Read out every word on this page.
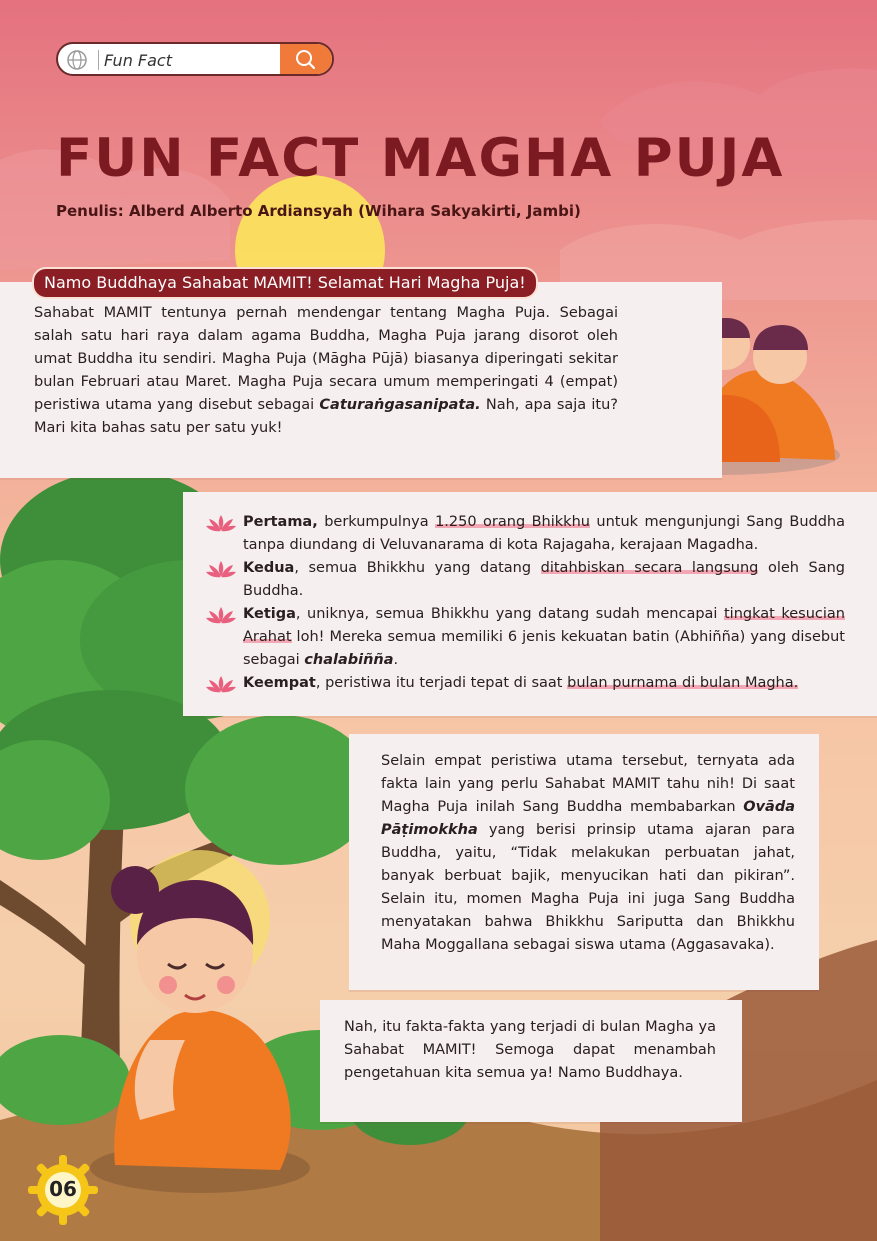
Fun Fact
FUN FACT MAGHA PUJA
Penulis: Alberd Alberto Ardiansyah (Wihara Sakyakirti, Jambi)

Sahabat MAMIT tentunya pernah mendengar tentang Magha Puja. Sebagai salah satu hari raya dalam agama Buddha, Magha Puja jarang disorot oleh umat Buddha itu sendiri. Magha Puja (Māgha Pūjā) biasanya diperingati sekitar bulan Februari atau Maret. Magha Puja secara umum memperingati 4 (empat) peristiwa utama yang disebut sebagai Caturaṅgasanipata. Nah, apa saja itu? Mari kita bahas satu per satu yuk!

Namo Buddhaya Sahabat MAMIT! Selamat Hari Magha Puja!

Pertama, berkumpulnya 1.250 orang Bhikkhu untuk mengunjungi Sang Buddha tanpa diundang di Veluvanarama di kota Rajagaha, kerajaan Magadha.

Kedua, semua Bhikkhu yang datang ditahbiskan secara langsung oleh Sang Buddha.

Ketiga, uniknya, semua Bhikkhu yang datang sudah mencapai tingkat kesucian Arahat loh! Mereka semua memiliki 6 jenis kekuatan batin (Abhiñña) yang disebut sebagai chalabiñña.

Keempat, peristiwa itu terjadi tepat di saat bulan purnama di bulan Magha.

Selain empat peristiwa utama tersebut, ternyata ada fakta lain yang perlu Sahabat MAMIT tahu nih! Di saat Magha Puja inilah Sang Buddha membabarkan Ovāda Pāṭimokkha yang berisi prinsip utama ajaran para Buddha, yaitu, “Tidak melakukan perbuatan jahat, banyak berbuat bajik, menyucikan hati dan pikiran”. Selain itu, momen Magha Puja ini juga Sang Buddha menyatakan bahwa Bhikkhu Sariputta dan Bhikkhu Maha Moggallana sebagai siswa utama (Aggasavaka).

Nah, itu fakta-fakta yang terjadi di bulan Magha ya Sahabat MAMIT! Semoga dapat menambah pengetahuan kita semua ya! Namo Buddhaya.

06
